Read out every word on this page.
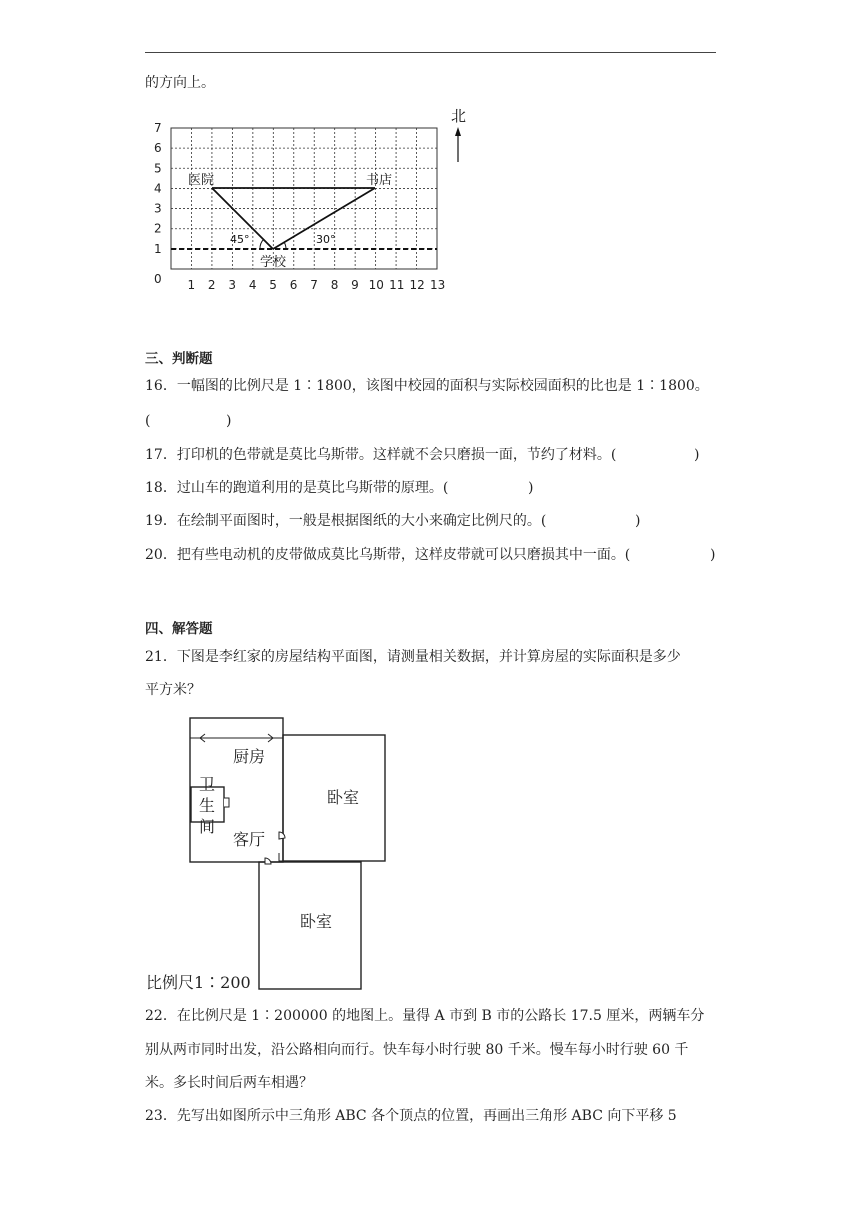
的方向上。
0
1
2
3
4
5
6
7
1 2 3 4 5 6 7 8 9 10 11 12 13
医院	书店
学校
45°	30°
北
三、判断题
16．一幅图的比例尺是 1∶1800，该图中校园的面积与实际校园面积的比也是 1∶1800。
(	)
17．打印机的色带就是莫比乌斯带。这样就不会只磨损一面，节约了材料。(	)
18．过山车的跑道利用的是莫比乌斯带的原理。(	)
19．在绘制平面图时，一般是根据图纸的大小来确定比例尺的。(	)
20．把有些电动机的皮带做成莫比乌斯带，这样皮带就可以只磨损其中一面。(	)
四、解答题
21．下图是李红家的房屋结构平面图，请测量相关数据，并计算房屋的实际面积是多少
平方米？
厨房
卫
生
间
客厅
卧室
卧室
比例尺1∶200
22．在比例尺是 1∶200000 的地图上。量得 A 市到 B 市的公路长 17.5 厘米，两辆车分
别从两市同时出发，沿公路相向而行。快车每小时行驶 80 千米。慢车每小时行驶 60 千
米。多长时间后两车相遇？
23．先写出如图所示中三角形 ABC 各个顶点的位置，再画出三角形 ABC 向下平移 5
